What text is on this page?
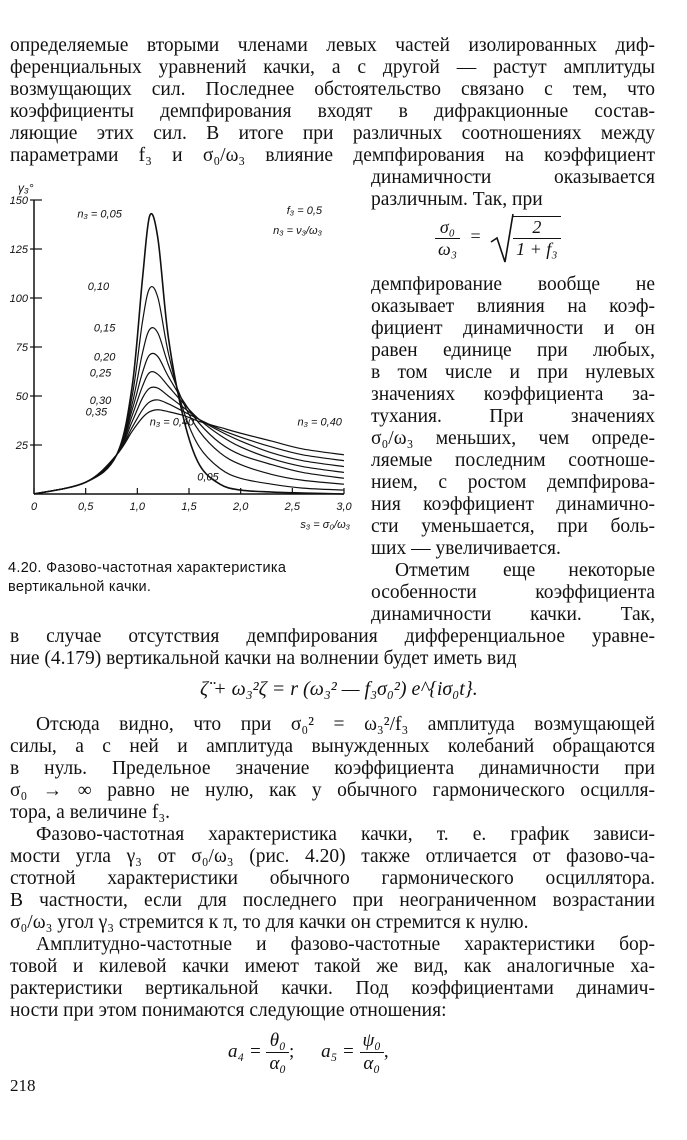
определяемые вторыми членами левых частей изолированных диф-
ференциальных уравнений качки, а с другой — растут амплитуды
возмущающих сил. Последнее обстоятельство связано с тем, что
коэффициенты демпфирования входят в дифракционные состав-
ляющие этих сил. В итоге при различных соотношениях между
параметрами f₃ и σ₀/ω₃ влияние демпфирования на коэффициент
динамичности оказывается
различным. Так, при
$\frac{\text{σ₀}}{\text{ω₃}} = \frac{2}{\text{1 + f₃}}$
демпфирование вообще не
оказывает влияния на коэф-
фициент динамичности и он
равен единице при любых,
в том числе и при нулевых
значениях коэффициента за-
тухания. При значениях
σ₀/ω₃ меньших, чем опреде-
ляемые последним соотноше-
нием, с ростом демпфирова-
ния коэффициент динамично-
сти уменьшается, при боль-
ших — увеличивается.
Отметим еще некоторые
особенности коэффициента
динамичности качки. Так,
150
125
100
75
50
25
γ₃°
0	0,5	1,0	1,5	2,0	2,5	3,0
s₃ = σ₀/ω₃
f₃ = 0,5
n₃ = ν₃/ω₃
n₃ = 0,05
0,10
0,15
0,20
0,25
0,30
0,35
n₃ = 0,40	n₃ = 0,40
0,05
4.20. Фазово-частотная характеристика вертикальной качки.
в случае отсутствия демпфирования дифференциальное уравне-
ние (4.179) вертикальной качки на волнении будет иметь вид
ζ̈ + ω₃²ζ = r (ω₃² — f₃σ₀²) e^{iσ₀t}.
Отсюда видно, что при σ₀² = ω₃²/f₃ амплитуда возмущающей
силы, а с ней и амплитуда вынужденных колебаний обращаются
в нуль. Предельное значение коэффициента динамичности при
σ₀ → ∞ равно не нулю, как у обычного гармонического осцилля-
тора, а величине f₃.
Фазово-частотная характеристика качки, т. е. график зависи-
мости угла γ₃ от σ₀/ω₃ (рис. 4.20) также отличается от фазово-ча-
стотной характеристики обычного гармонического осциллятора.
В частности, если для последнего при неограниченном возрастании
σ₀/ω₃ угол γ₃ стремится к π, то для качки он стремится к нулю.
Амплитудно-частотные и фазово-частотные характеристики бор-
товой и килевой качки имеют такой же вид, как аналогичные ха-
рактеристики вертикальной качки. Под коэффициентами динамич-
ности при этом понимаются следующие отношения:
$a_4 = \frac{\text{θ₀}}{\text{α₀}}$ ; $a_5 = \frac{\text{ψ₀}}{\text{α₀}}$ ,
218
